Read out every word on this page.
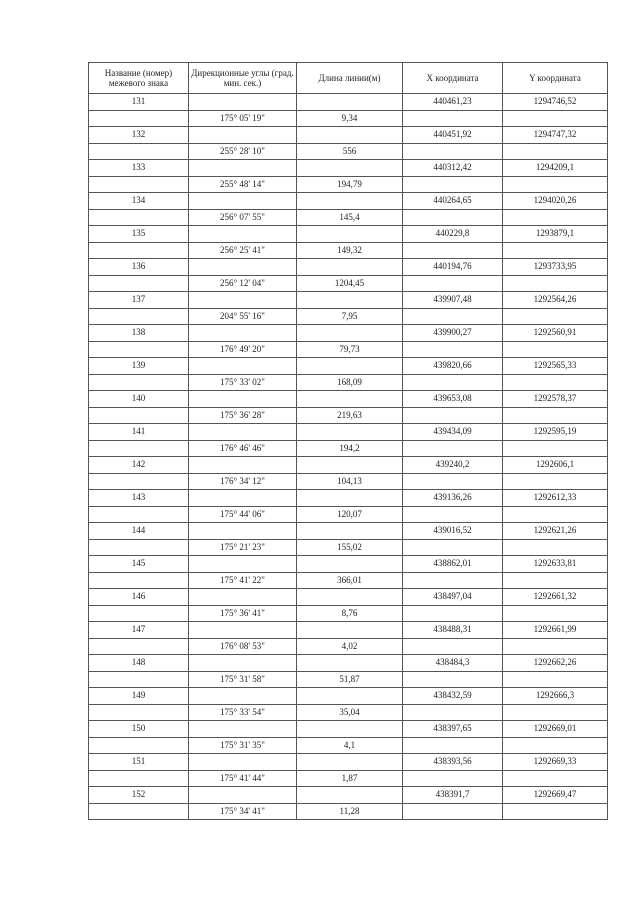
Название (номер) межевого знака	Дирекционные углы (град. мин. сек.)	Длина линии(м)	X координата	Y координата
131			440461,23	1294746,52
	175° 05' 19"	9,34		
132			440451,92	1294747,32
	255° 28' 10"	556		
133			440312,42	1294209,1
	255° 48' 14"	194,79		
134			440264,65	1294020,26
	256° 07' 55"	145,4		
135			440229,8	1293879,1
	256° 25' 41"	149,32		
136			440194,76	1293733,95
	256° 12' 04"	1204,45		
137			439907,48	1292564,26
	204° 55' 16"	7,95		
138			439900,27	1292560,91
	176° 49' 20"	79,73		
139			439820,66	1292565,33
	175° 33' 02"	168,09		
140			439653,08	1292578,37
	175° 36' 28"	219,63		
141			439434,09	1292595,19
	176° 46' 46"	194,2		
142			439240,2	1292606,1
	176° 34' 12"	104,13		
143			439136,26	1292612,33
	175° 44' 06"	120,07		
144			439016,52	1292621,26
	175° 21' 23"	155,02		
145			438862,01	1292633,81
	175° 41' 22"	366,01		
146			438497,04	1292661,32
	175° 36' 41"	8,76		
147			438488,31	1292661,99
	176° 08' 53"	4,02		
148			438484,3	1292662,26
	175° 31' 58"	51,87		
149			438432,59	1292666,3
	175° 33' 54"	35,04		
150			438397,65	1292669,01
	175° 31' 35"	4,1		
151			438393,56	1292669,33
	175° 41' 44"	1,87		
152			438391,7	1292669,47
	175° 34' 41"	11,28		
